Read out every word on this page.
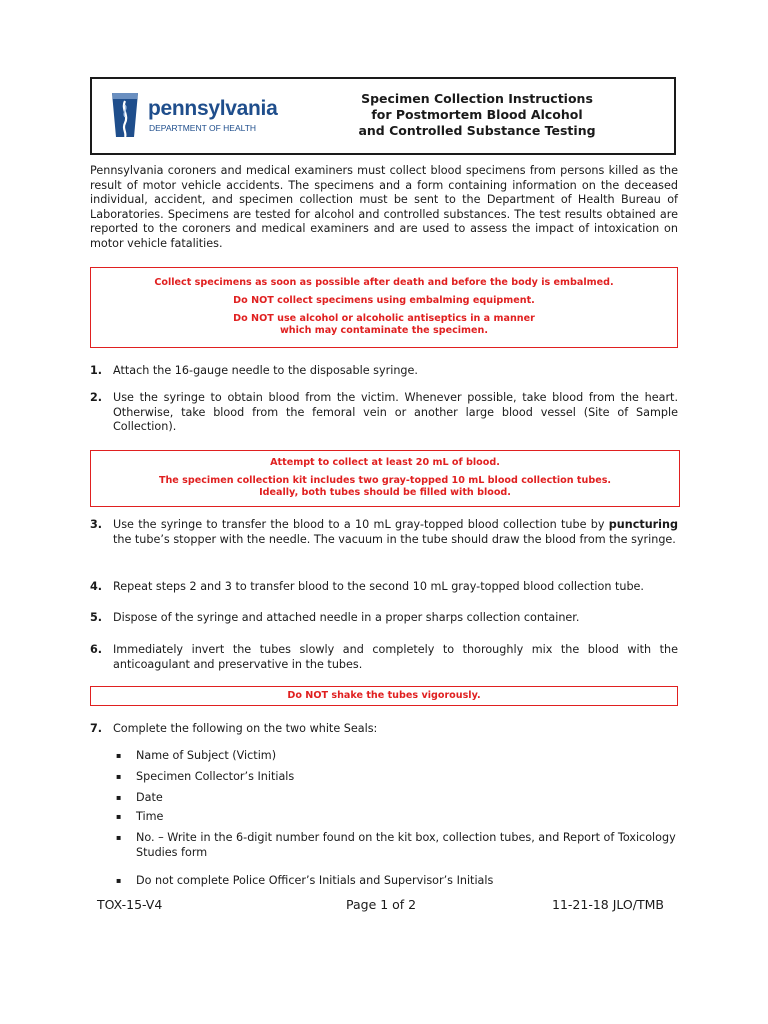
pennsylvania
DEPARTMENT OF HEALTH
Specimen Collection Instructions
for Postmortem Blood Alcohol
and Controlled Substance Testing
Pennsylvania coroners and medical examiners must collect blood specimens from persons killed as the result of motor vehicle accidents. The specimens and a form containing information on the deceased individual, accident, and specimen collection must be sent to the Department of Health Bureau of Laboratories. Specimens are tested for alcohol and controlled substances. The test results obtained are reported to the coroners and medical examiners and are used to assess the impact of intoxication on motor vehicle fatalities.

Collect specimens as soon as possible after death and before the body is embalmed.

Do NOT collect specimens using embalming equipment.

Do NOT use alcohol or alcoholic antiseptics in a manner

which may contaminate the specimen.

1. Attach the 16-gauge needle to the disposable syringe.
2. Use the syringe to obtain blood from the victim. Whenever possible, take blood from the heart. Otherwise, take blood from the femoral vein or another large blood vessel (Site of Sample Collection).

Attempt to collect at least 20 mL of blood.

The specimen collection kit includes two gray-topped 10 mL blood collection tubes.

Ideally, both tubes should be filled with blood.

3. Use the syringe to transfer the blood to a 10 mL gray-topped blood collection tube by puncturing the tube’s stopper with the needle. The vacuum in the tube should draw the blood from the syringe.
4. Repeat steps 2 and 3 to transfer blood to the second 10 mL gray-topped blood collection tube.
5. Dispose of the syringe and attached needle in a proper sharps collection container.
6. Immediately invert the tubes slowly and completely to thoroughly mix the blood with the anticoagulant and preservative in the tubes.

Do NOT shake the tubes vigorously.

7. Complete the following on the two white Seals:
▪ Name of Subject (Victim)
▪ Specimen Collector’s Initials
▪ Date
▪ Time
▪ No. – Write in the 6-digit number found on the kit box, collection tubes, and Report of Toxicology Studies form
▪ Do not complete Police Officer’s Initials and Supervisor’s Initials
TOX-15-V4	Page 1 of 2	11-21-18 JLO/TMB
